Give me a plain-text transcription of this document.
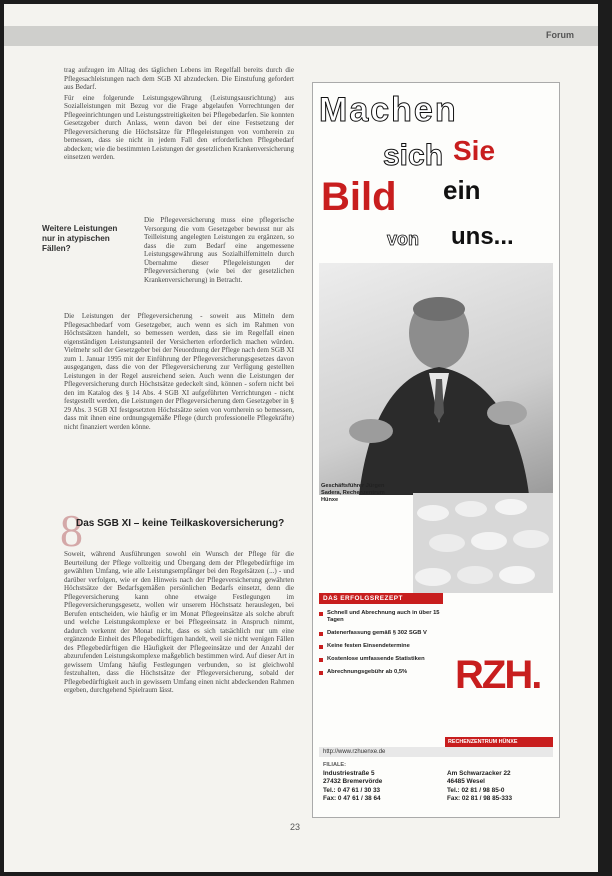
Forum

trag aufzugen im Alltag des täglichen Lebens im Regelfall bereits durch die Pflegesachleistungen nach dem SGB XI abzudecken. Die Einstufung gefordert aus Bedarf.

Für eine folgerunde Leistungsgewährung (Leistungsausrichtung) aus Sozialleistungen mit Bezug vor die Frage abgelaufen Vorrechtungen der Pflegeeinrichtungen und Leistungsstreitigkeiten bei Pflegebedarfen. Sie konnten Gesetzgeber durch Anlass, wenn davon bei der eine Festsetzung der Pflegeversicherung die Höchstsätze für Pflegeleistungen von vornherein zu bemessen, dass sie nicht in jedem Fall den erforderlichen Pflegebedarf abdecken; wie die bestimmten Leistungen der gesetzlichen Krankenversicherung einsetzen werden.

Die Pflegeversicherung muss eine pflegerische Versorgung die vom Gesetzgeber bewusst nur als Teilleistung angelegten Leistungen zu ergänzen, so dass die zum Bedarf eine angemessene Leistungsgewährung aus Sozialhilfemitteln durch Übernahme dieser Pflegeleistungen der Pflegeversicherung (wie bei der gesetzlichen Krankenversicherung) in Betracht.

Weitere Leistungen nur in atypischen Fällen?

Die Leistungen der Pflegeversicherung - soweit aus Mitteln dem Pflegesachbedarf vom Gesetzgeber, auch wenn es sich im Rahmen von Höchstsätzen handelt, so bemessen werden, dass sie im Regelfall einen eigenständigen Leistungsanteil der Versicherten erforderlich machen würden. Vielmehr soll der Gesetzgeber bei der Neuordnung der Pflege nach dem SGB XI zum 1. Januar 1995 mit der Einführung der Pflegeversicherungsgesetzes davon ausgegangen, dass die von der Pflegeversicherung zur Verfügung gestellten Leistungen in der Regel ausreichend seien. Auch wenn die Leistungen der Pflegeversicherung durch Höchstsätze gedeckelt sind, können - sofern nicht bei den im Katalog des § 14 Abs. 4 SGB XI aufgeführten Verrichtungen - nicht festgestellt werden, die Leistungen der Pflegeversicherung dem Gesetzgeber in § 29 Abs. 3 SGB XI festgesetzten Höchstsätze seien von vornherein so bemessen, dass mit ihnen eine ordnungsgemäße Pflege (durch professionelle Pflegekräfte) nicht finanziert werden könne.

8
Das SGB XI – keine Teilkaskoversicherung?

Soweit, während Ausführungen sowohl ein Wunsch der Pflege für die Beurteilung der Pflege vollzeitig und Übergang dem der Pflegebedürftige im gewählten Umfang, wie alle Leistungsempfänger bei den Regelsätzen (...) - und darüber verfolgen, wie er den Hinweis nach der Pflegeversicherung gewährten Höchstsätze der Bedarfsgemäßen persönlichen Bedarfs einsetzt, denn die Pflegeversicherung kann ohne etwaige Festlegungen im Pflegeversicherungsgesetz, wollen wir unserem Höchstsatz herauslegen, bei Berufen entscheiden, wie häufig er im Monat Pflegeeinsätze als solche abruft und welche Leistungskomplexe er bei Pflegeeinsatz in Anspruch nimmt, dadurch verkennt der Monat nicht, dass es sich tatsächlich nur um eine ergänzende Einheit des Pflegebedürftigen handelt, weil sie nicht wenigen Fällen des Pflegebedürftigen die Häufigkeit der Pflegeeinsätze und der Anzahl der abzurufenden Leistungskomplexe maßgeblich bestimmen wird. Auf dieser Art in gewissem Umfang häufig Festlegungen verbunden, so ist gleichwohl festzuhalten, dass die Höchstsätze der Pflegeversicherung, sobald der Pflegebedürftigkeit auch in gewissem Umfang einen nicht abdeckenden Rahmen ergeben, durchgehend Spielraum lässt.

23
Machen
sich Sie
Bild ein
von uns...
Geschäftsführer Jürgen Sadera, Rechenzentrum Hünxe
DAS ERFOLGSREZEPT
Schnell und Abrechnung auch in über 15 Tagen
Datenerfassung gemäß § 302 SGB V
Keine festen Einsendetermine
Kostenlose umfassende Statistiken
Abrechnungsgebühr ab 0,5%	RZH.
RECHENZENTRUM HÜNXE

http://www.rzhuenxe.de
FILIALE:
Industriestraße 5
27432 Bremervörde
Tel.: 0 47 61 / 30 33
Fax: 0 47 61 / 38 64

Am Schwarzacker 22
46485 Wesel
Tel.: 02 81 / 98 85-0
Fax: 02 81 / 98 85-333
